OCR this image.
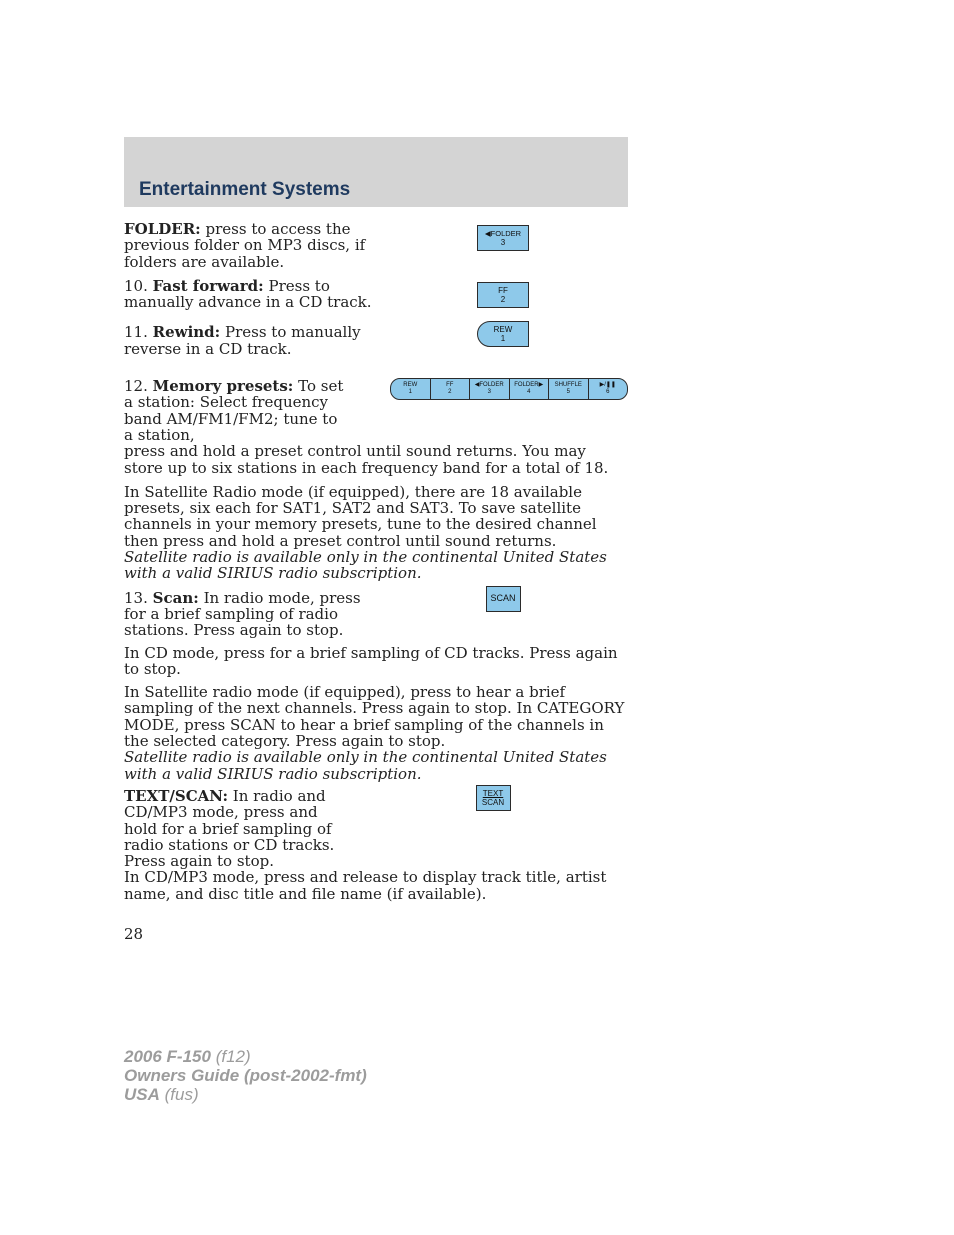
Entertainment Systems
FOLDER: press to access the previous folder on MP3 discs, if folders are available.
◀FOLDER
3
10. Fast forward: Press to manually advance in a CD track.
FF
2
11. Rewind: Press to manually reverse in a CD track.
REW
1
12. Memory presets: To set a station: Select frequency band AM/FM1/FM2; tune to a station,
REW
1
FF
2
◀FOLDER
3
FOLDER▶
4
SHUFFLE
5
▶/❚❚
6

press and hold a preset control until sound returns. You may store up to six stations in each frequency band for a total of 18.

In Satellite Radio mode (if equipped), there are 18 available presets, six each for SAT1, SAT2 and SAT3. To save satellite channels in your memory presets, tune to the desired channel then press and hold a preset control until sound returns.

Satellite radio is available only in the continental United States with a valid SIRIUS radio subscription.

13. Scan: In radio mode, press for a brief sampling of radio stations. Press again to stop.
SCAN

In CD mode, press for a brief sampling of CD tracks. Press again to stop.

In Satellite radio mode (if equipped), press to hear a brief sampling of the next channels. Press again to stop. In CATEGORY MODE, press SCAN to hear a brief sampling of the channels in the selected category. Press again to stop.

Satellite radio is available only in the continental United States with a valid SIRIUS radio subscription.

TEXT/SCAN: In radio and CD/MP3 mode, press and hold for a brief sampling of radio stations or CD tracks. Press again to stop.
TEXT
SCAN

In CD/MP3 mode, press and release to display track title, artist name, and disc title and file name (if available).

28
2006 F-150 (f12)
Owners Guide (post-2002-fmt)
USA (fus)
